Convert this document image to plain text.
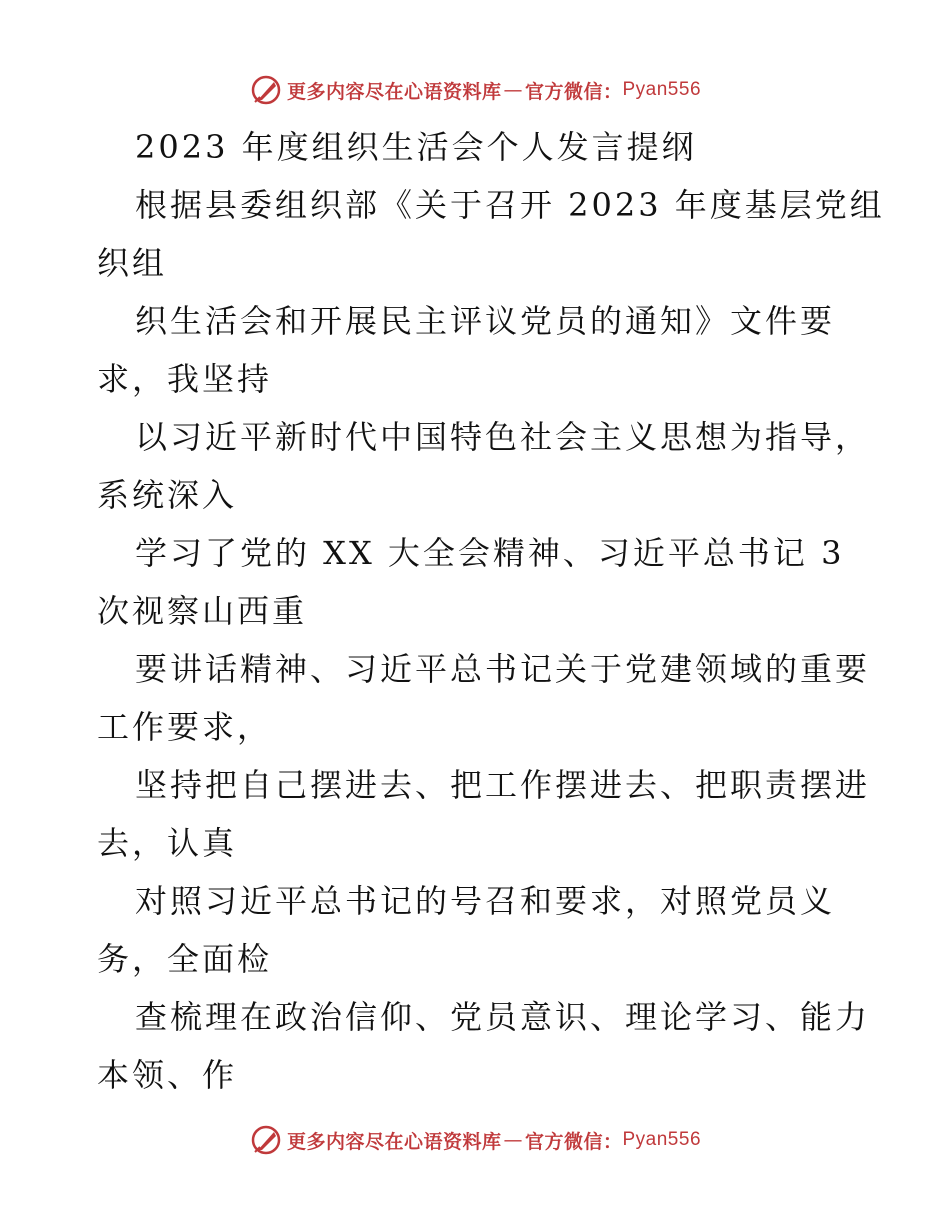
更多内容尽在心语资料库 — 官方微信： Pyan556
2023 年度组织生活会个人发言提纲
根据县委组织部《关于召开 2023 年度基层党组
织组
织生活会和开展民主评议党员的通知》文件要
求，我坚持
以习近平新时代中国特色社会主义思想为指导，
系统深入
学习了党的 XX 大全会精神、习近平总书记 3
次视察山西重
要讲话精神、习近平总书记关于党建领域的重要
工作要求，
坚持把自己摆进去、把工作摆进去、把职责摆进
去，认真
对照习近平总书记的号召和要求，对照党员义
务，全面检
查梳理在政治信仰、党员意识、理论学习、能力
本领、作
更多内容尽在心语资料库 — 官方微信： Pyan556
